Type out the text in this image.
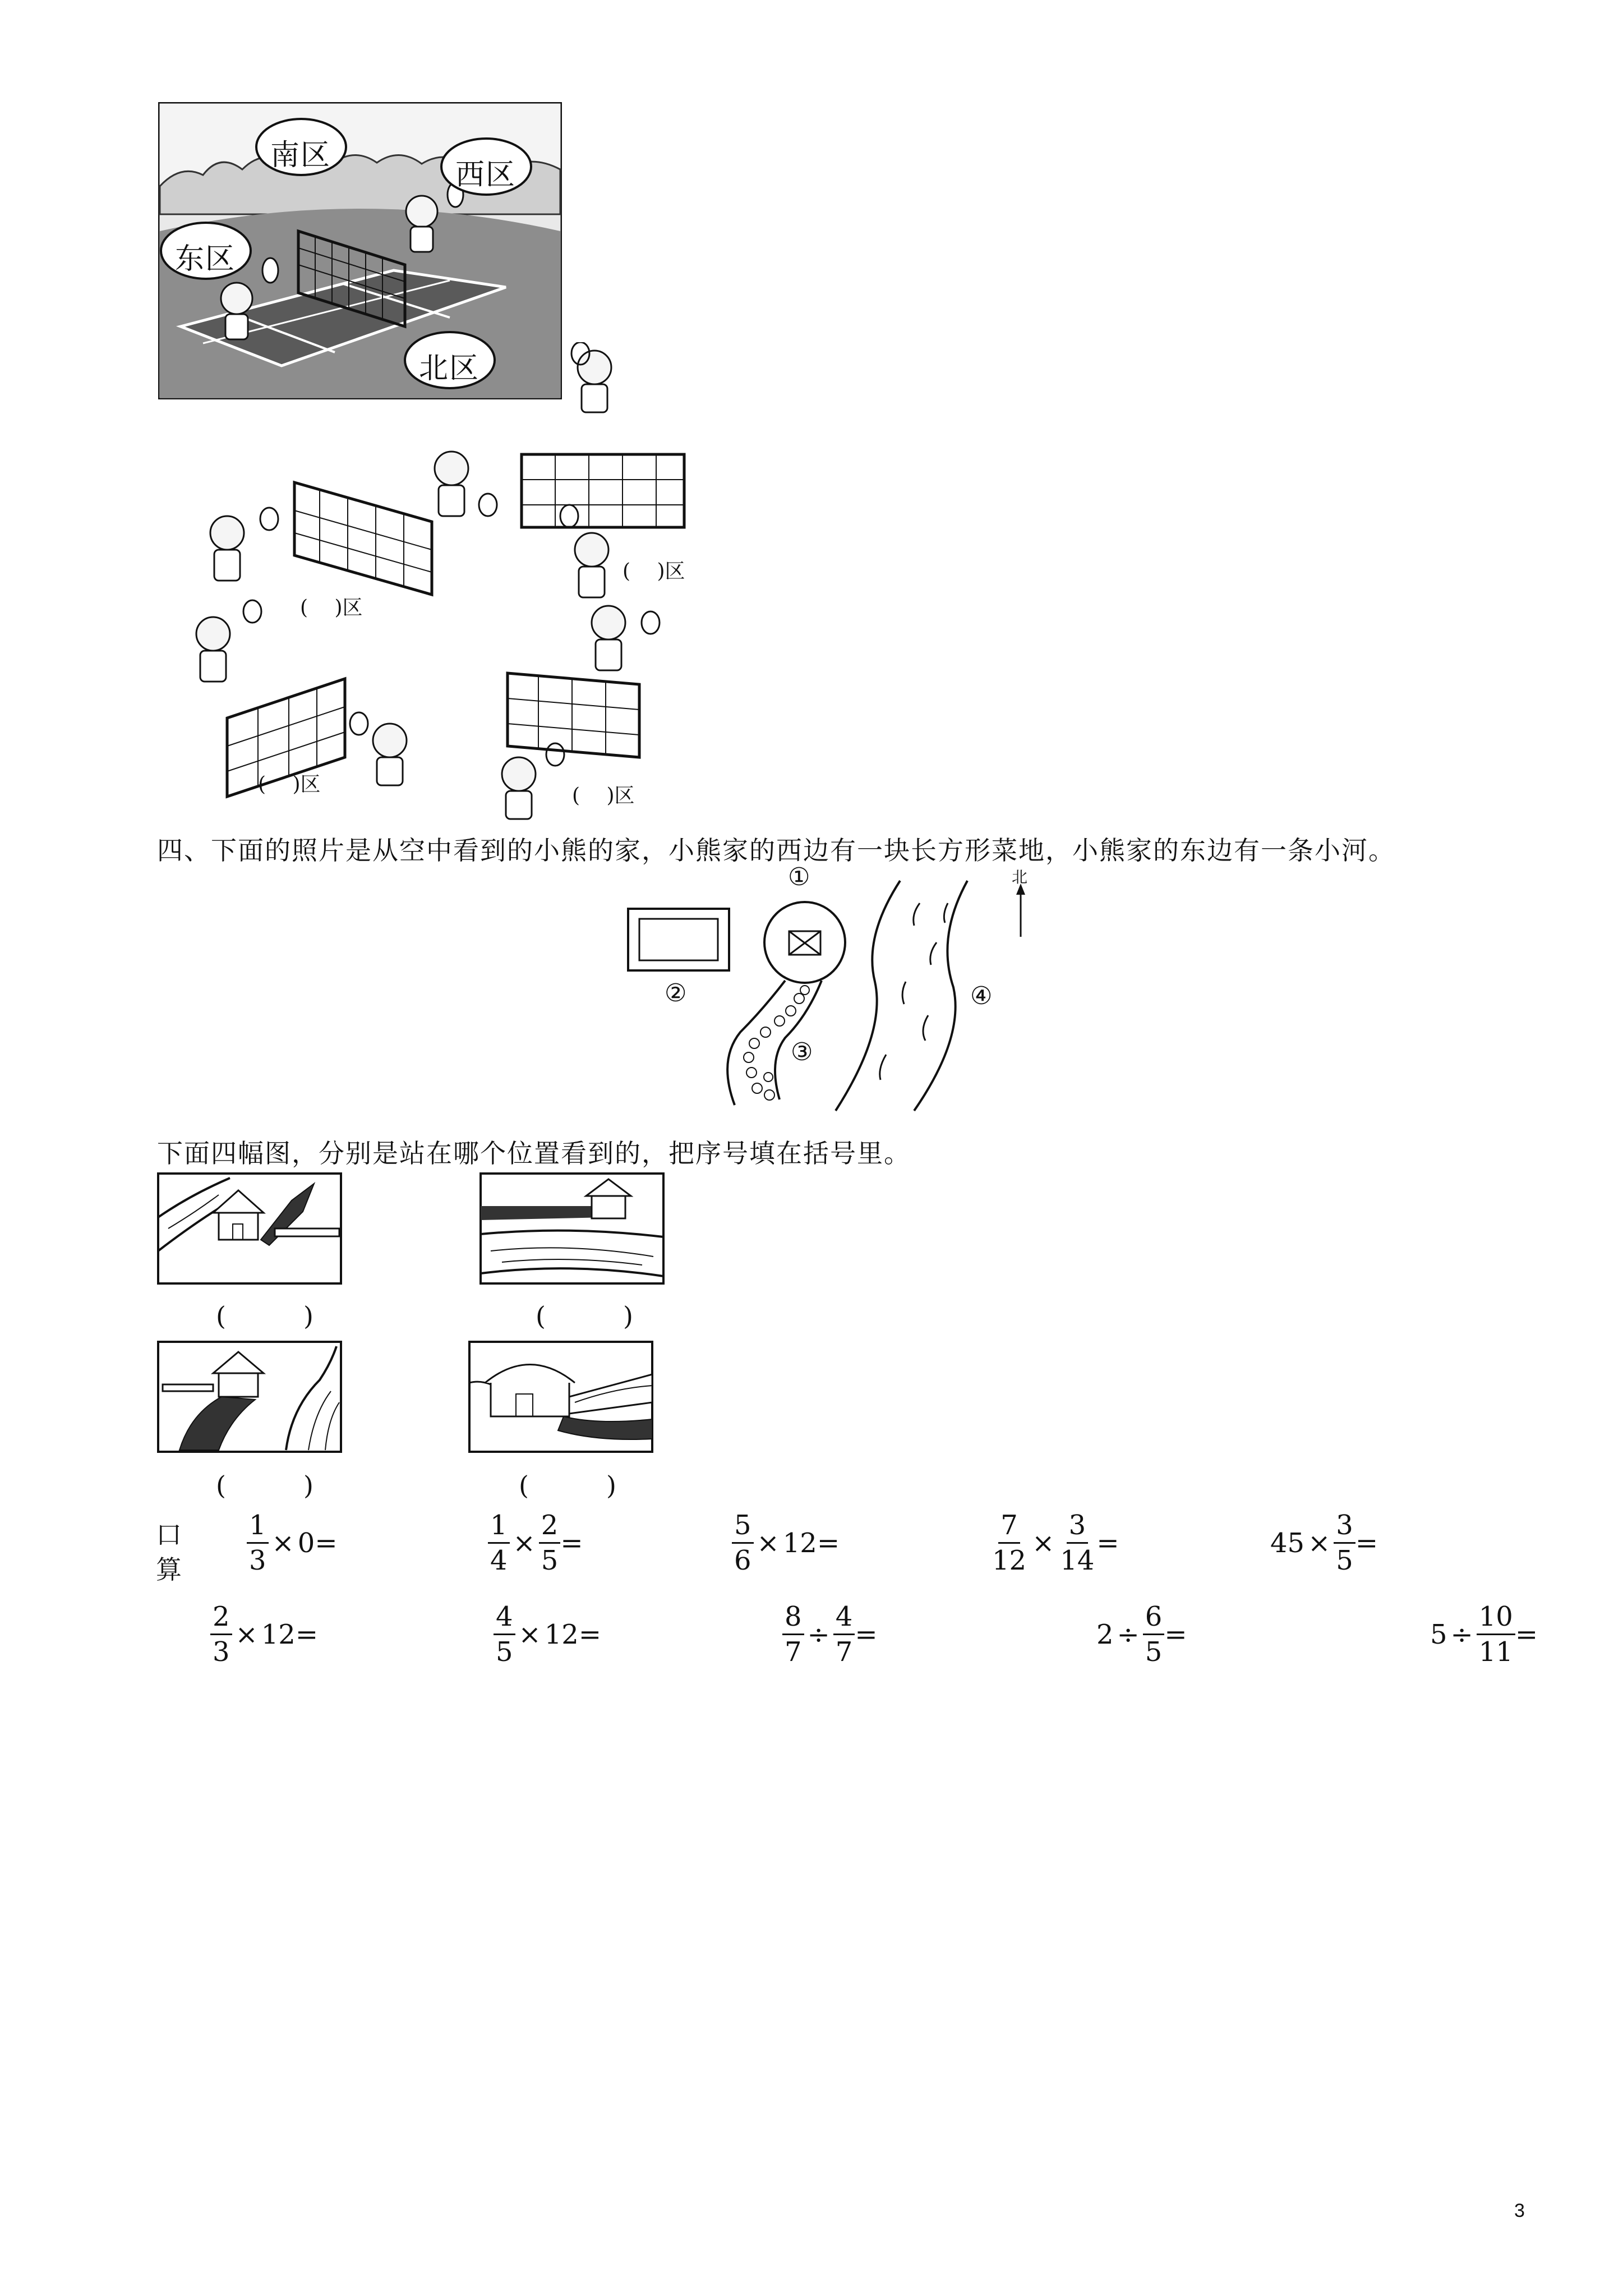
南区
西区
东区
北区
(　 )区
(　 )区
(　 )区	(　 )区
四、下面的照片是从空中看到的小熊的家，小熊家的西边有一块长方形菜地，小熊家的东边有一条小河。
北
①
②
③
④
下面四幅图，分别是站在哪个位置看到的，把序号填在括号里。
(　　　)	(　　　)
(　　　)	(　　　)
口
算 $\frac{1}{3} \times 0$ =	$\frac{1}{4} \times \frac{2}{5}$ =	$\frac{5}{6} \times 12$ =	$\frac{7}{12} \times \frac{3}{14}$ =	$45 \times \frac{3}{5}$ =
$\frac{2}{3} \times 12$ =	$\frac{4}{5} \times 12$ =	$\frac{8}{7} \div \frac{4}{7}$ =	$2 \div \frac{6}{5}$ =	$5 \div \frac{10}{11}$ =
3
